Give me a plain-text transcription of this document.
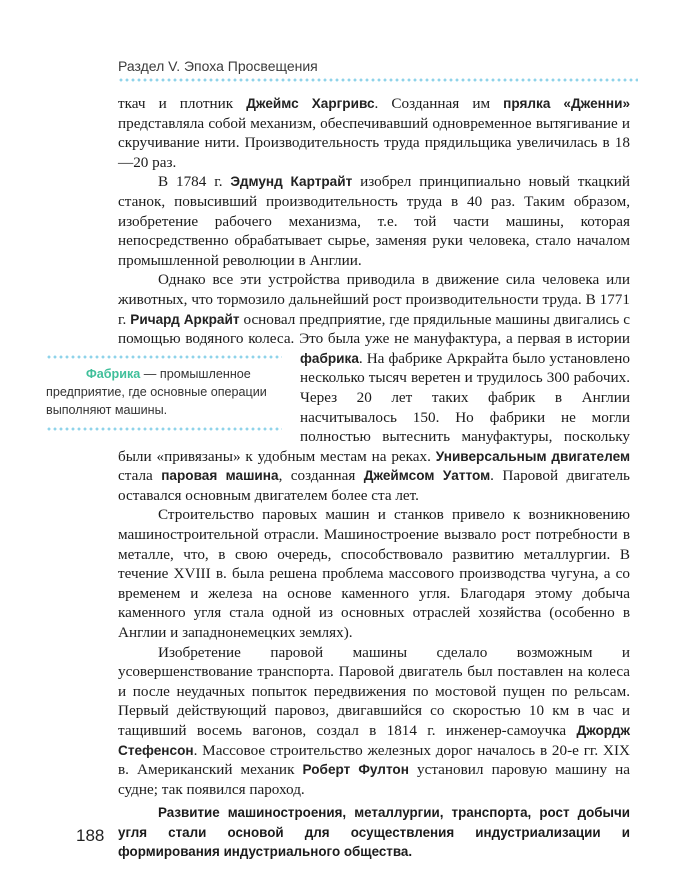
Раздел V. Эпоха Просвещения

ткач и плотник Джеймс Харгривс. Созданная им прялка «Дженни» представляла собой механизм, обеспечивавший одновременное вытягивание и скручивание нити. Производительность труда прядильщика увеличилась в 18—20 раз.

В 1784 г. Эдмунд Картрайт изобрел принципиально новый ткацкий станок, повысивший производительность труда в 40 раз. Таким образом, изобретение рабочего механизма, т.е. той части машины, которая непосредственно обрабатывает сырье, заменяя руки человека, стало началом промышленной революции в Англии.

Однако все эти устройства приводила в движение сила человека или животных, что тормозило дальнейший рост производительности труда. В 1771 г. Ричард Аркрайт основал предприятие, где прядильные машины двигались с помощью водяного колеса. Это была уже не мануфактура, а первая в истории фабрика. На фабрике Аркрайта
Фабрика — промышленное предприятие, где основные операции выполняют машины.
было установлено несколько тысяч веретен и трудилось 300 рабочих. Через 20 лет таких фабрик в Англии насчитывалось 150. Но фабрики не могли полностью вытеснить мануфактуры, поскольку были «привязаны» к удобным местам на реках. Универсальным двигателем стала паровая машина, созданная Джеймсом Уаттом. Паровой двигатель оставался основным двигателем более ста лет.

Строительство паровых машин и станков привело к возникновению машиностроительной отрасли. Машиностроение вызвало рост потребности в металле, что, в свою очередь, способствовало развитию металлургии. В течение XVIII в. была решена проблема массового производства чугуна, а со временем и железа на основе каменного угля. Благодаря этому добыча каменного угля стала одной из основных отраслей хозяйства (особенно в Англии и западнонемецких землях).

Изобретение паровой машины сделало возможным и усовершенствование транспорта. Паровой двигатель был поставлен на колеса и после неудачных попыток передвижения по мостовой пущен по рельсам. Первый действующий паровоз, двигавшийся со скоростью 10 км в час и тащивший восемь вагонов, создал в 1814 г. инженер-самоучка Джордж Стефенсон. Массовое строительство железных дорог началось в 20-е гг. XIX в. Американский механик Роберт Фултон установил паровую машину на судне; так появился пароход.

Развитие машиностроения, металлургии, транспорта, рост добычи угля стали основой для осуществления индустриализации и формирования индустриального общества.

188
